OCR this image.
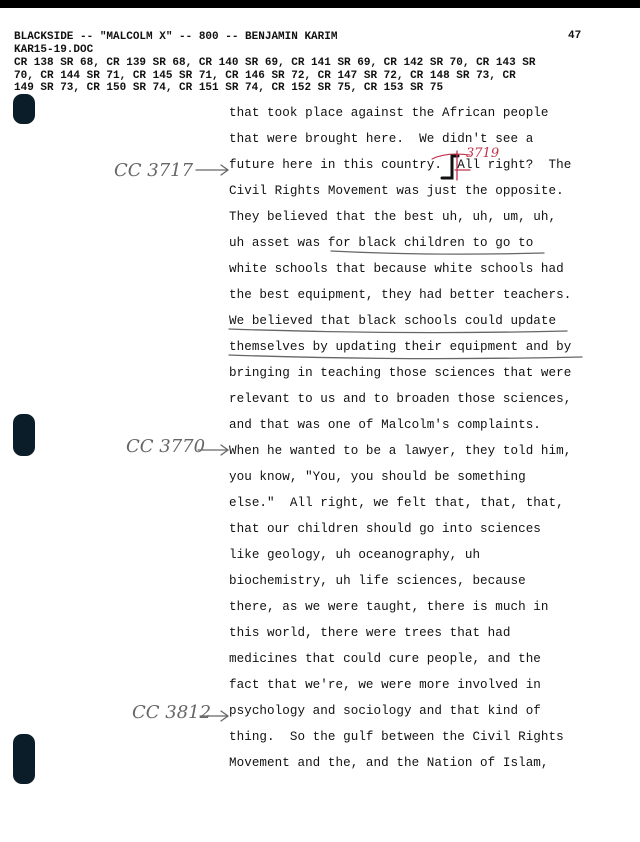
BLACKSIDE -- "MALCOLM X" -- 800 -- BENJAMIN KARIM	47
KAR15-19.DOC
CR 138 SR 68, CR 139 SR 68, CR 140 SR 69, CR 141 SR 69, CR 142 SR 70, CR 143 SR
70, CR 144 SR 71, CR 145 SR 71, CR 146 SR 72, CR 147 SR 72, CR 148 SR 73, CR
149 SR 73, CR 150 SR 74, CR 151 SR 74, CR 152 SR 75, CR 153 SR 75
that took place against the African people
that were brought here.  We didn't see a
future here in this country.  All right?  The
Civil Rights Movement was just the opposite.
They believed that the best uh, uh, um, uh,
uh asset was for black children to go to
white schools that because white schools had
the best equipment, they had better teachers.
We believed that black schools could update
themselves by updating their equipment and by
bringing in teaching those sciences that were
relevant to us and to broaden those sciences,
and that was one of Malcolm's complaints.
When he wanted to be a lawyer, they told him,
you know, "You, you should be something
else."  All right, we felt that, that, that,
that our children should go into sciences
like geology, uh oceanography, uh
biochemistry, uh life sciences, because
there, as we were taught, there is much in
this world, there were trees that had
medicines that could cure people, and the
fact that we're, we were more involved in
psychology and sociology and that kind of
thing.  So the gulf between the Civil Rights
Movement and the, and the Nation of Islam,
CC 3717
3719
CC 3770
CC 3812
